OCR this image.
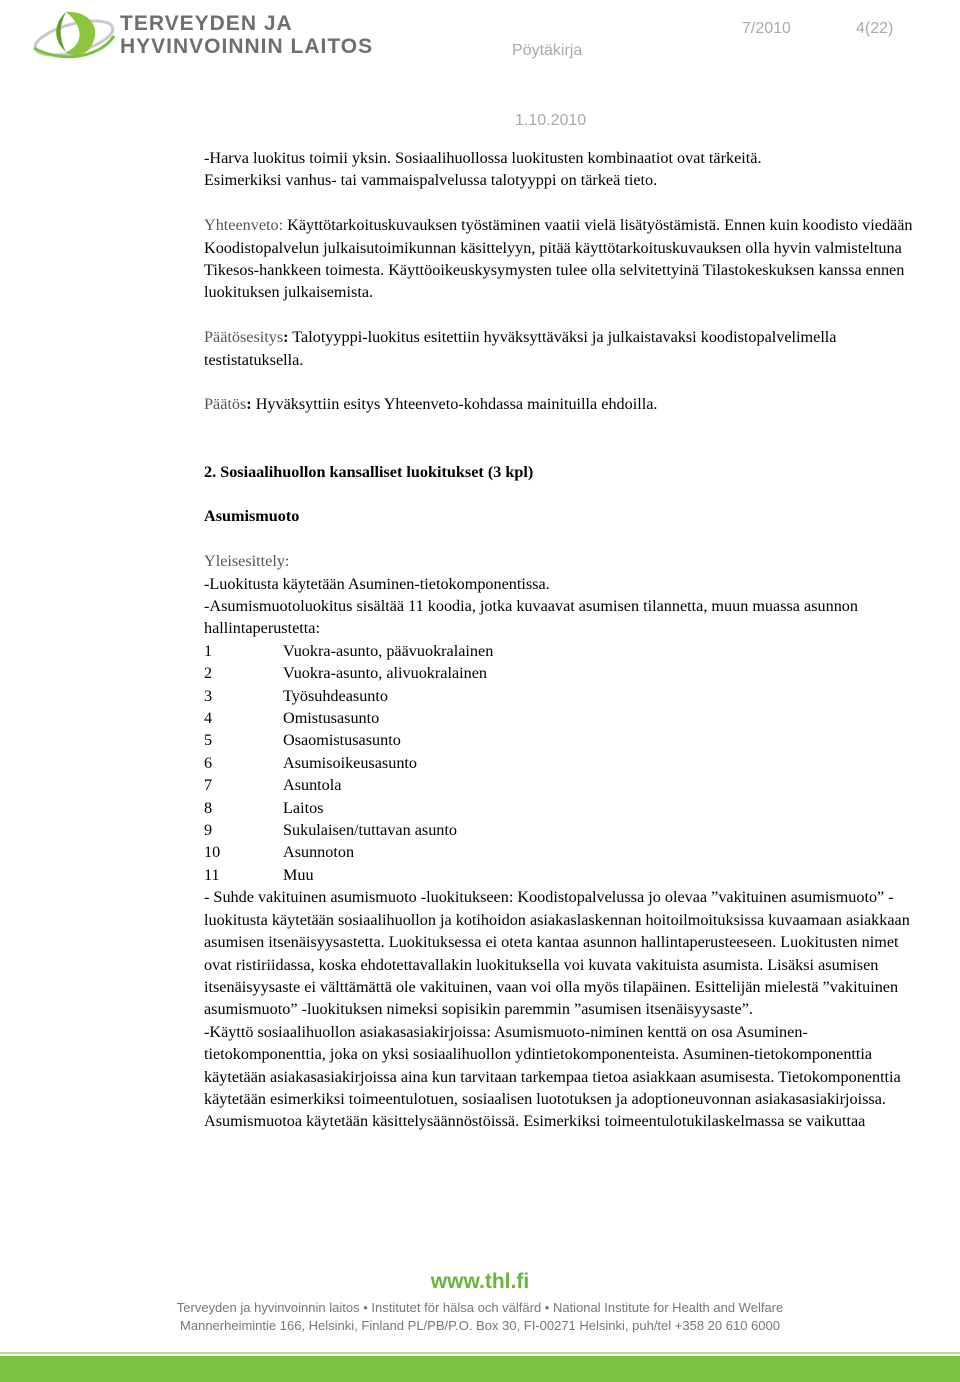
TERVEYDEN JA
HYVINVOINNIN LAITOS	Pöytäkirja
7/2010	4(22)
1.10.2010

-Harva luokitus toimii yksin. Sosiaalihuollossa luokitusten kombinaatiot ovat tärkeitä.

Esimerkiksi vanhus- tai vammaispalvelussa talotyyppi on tärkeä tieto.

Yhteenveto: Käyttötarkoituskuvauksen työstäminen vaatii vielä lisätyöstämistä. Ennen kuin koodisto viedään Koodistopalvelun julkaisutoimikunnan käsittelyyn, pitää käyttötarkoituskuvauksen olla hyvin valmisteltuna Tikesos-hankkeen toimesta. Käyttöoikeuskysymysten tulee olla selvitettyinä Tilastokeskuksen kanssa ennen luokituksen julkaisemista.

Päätösesitys: Talotyyppi-luokitus esitettiin hyväksyttäväksi ja julkaistavaksi koodistopalvelimella testistatuksella.

Päätös: Hyväksyttiin esitys Yhteenveto-kohdassa mainituilla ehdoilla.

2. Sosiaalihuollon kansalliset luokitukset (3 kpl)

Asumismuoto

Yleisesittely:

-Luokitusta käytetään Asuminen-tietokomponentissa.

-Asumismuotoluokitus sisältää 11 koodia, jotka kuvaavat asumisen tilannetta, muun muassa asunnon hallintaperustetta:

1	Vuokra-asunto, päävuokralainen
2	Vuokra-asunto, alivuokralainen
3	Työsuhdeasunto
4	Omistusasunto
5	Osaomistusasunto
6	Asumisoikeusasunto
7	Asuntola
8	Laitos
9	Sukulaisen/tuttavan asunto
10	Asunnoton
11	Muu

- Suhde vakituinen asumismuoto -luokitukseen: Koodistopalvelussa jo olevaa ”vakituinen asumismuoto” -luokitusta käytetään sosiaalihuollon ja kotihoidon asiakaslaskennan hoitoilmoituksissa kuvaamaan asiakkaan asumisen itsenäisyysastetta. Luokituksessa ei oteta kantaa asunnon hallintaperusteeseen. Luokitusten nimet ovat ristiriidassa, koska ehdotettavallakin luokituksella voi kuvata vakituista asumista. Lisäksi asumisen itsenäisyysaste ei välttämättä ole vakituinen, vaan voi olla myös tilapäinen. Esittelijän mielestä ”vakituinen asumismuoto” -luokituksen nimeksi sopisikin paremmin ”asumisen itsenäisyysaste”.

-Käyttö sosiaalihuollon asiakasasiakirjoissa: Asumismuoto-niminen kenttä on osa Asuminen-tietokomponenttia, joka on yksi sosiaalihuollon ydintietokomponenteista. Asuminen-tietokomponenttia käytetään asiakasasiakirjoissa aina kun tarvitaan tarkempaa tietoa asiakkaan asumisesta. Tietokomponenttia käytetään esimerkiksi toimeentulotuen, sosiaalisen luototuksen ja adoptioneuvonnan asiakasasiakirjoissa. Asumismuotoa käytetään käsittelysäännöstöissä. Esimerkiksi toimeentulotukilaskelmassa se vaikuttaa

www.thl.fi
Terveyden ja hyvinvoinnin laitos • Institutet för hälsa och välfärd • National Institute for Health and Welfare
Mannerheimintie 166, Helsinki, Finland PL/PB/P.O. Box 30, FI-00271 Helsinki, puh/tel +358 20 610 6000
